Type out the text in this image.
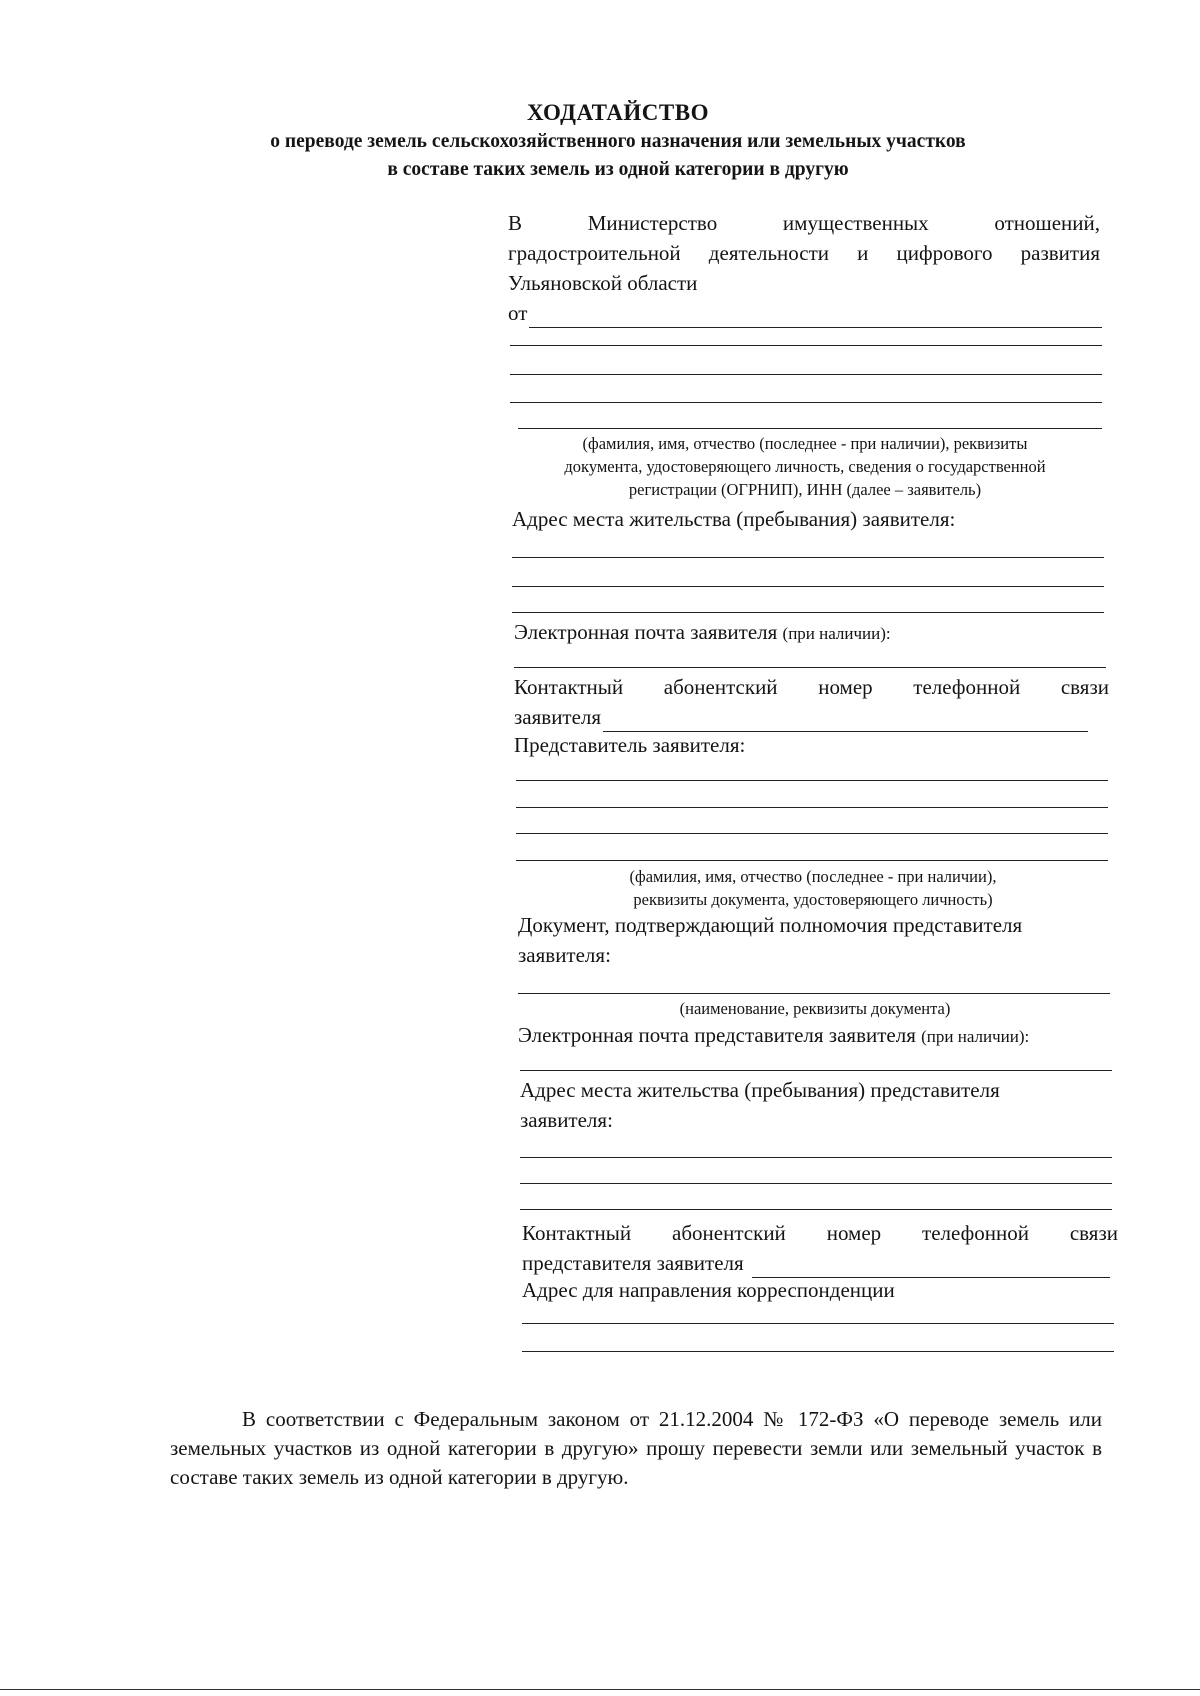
ХОДАТАЙСТВО
о переводе земель сельскохозяйственного назначения или земельных участков
в составе таких земель из одной категории в другую
В Министерство имущественных отношений,
градостроительной деятельности и цифрового развития
Ульяновской области
от
(фамилия, имя, отчество (последнее - при наличии), реквизиты
документа, удостоверяющего личность, сведения о государственной
регистрации (ОГРНИП), ИНН (далее – заявитель)
Адрес места жительства (пребывания) заявителя:
Электронная почта заявителя (при наличии):
Контактный абонентский номер телефонной связи
заявителя
Представитель заявителя:
(фамилия, имя, отчество (последнее - при наличии),
реквизиты документа, удостоверяющего личность)
Документ, подтверждающий полномочия представителя
заявителя:
(наименование, реквизиты документа)
Электронная почта представителя заявителя (при наличии):
Адрес места жительства (пребывания) представителя
заявителя:
Контактный абонентский номер телефонной связи
представителя заявителя
Адрес для направления корреспонденции
В соответствии с Федеральным законом от 21.12.2004 № 172-ФЗ «О переводе земель или земельных участков из одной категории в другую» прошу перевести земли или земельный участок в составе таких земель из одной категории в другую.
